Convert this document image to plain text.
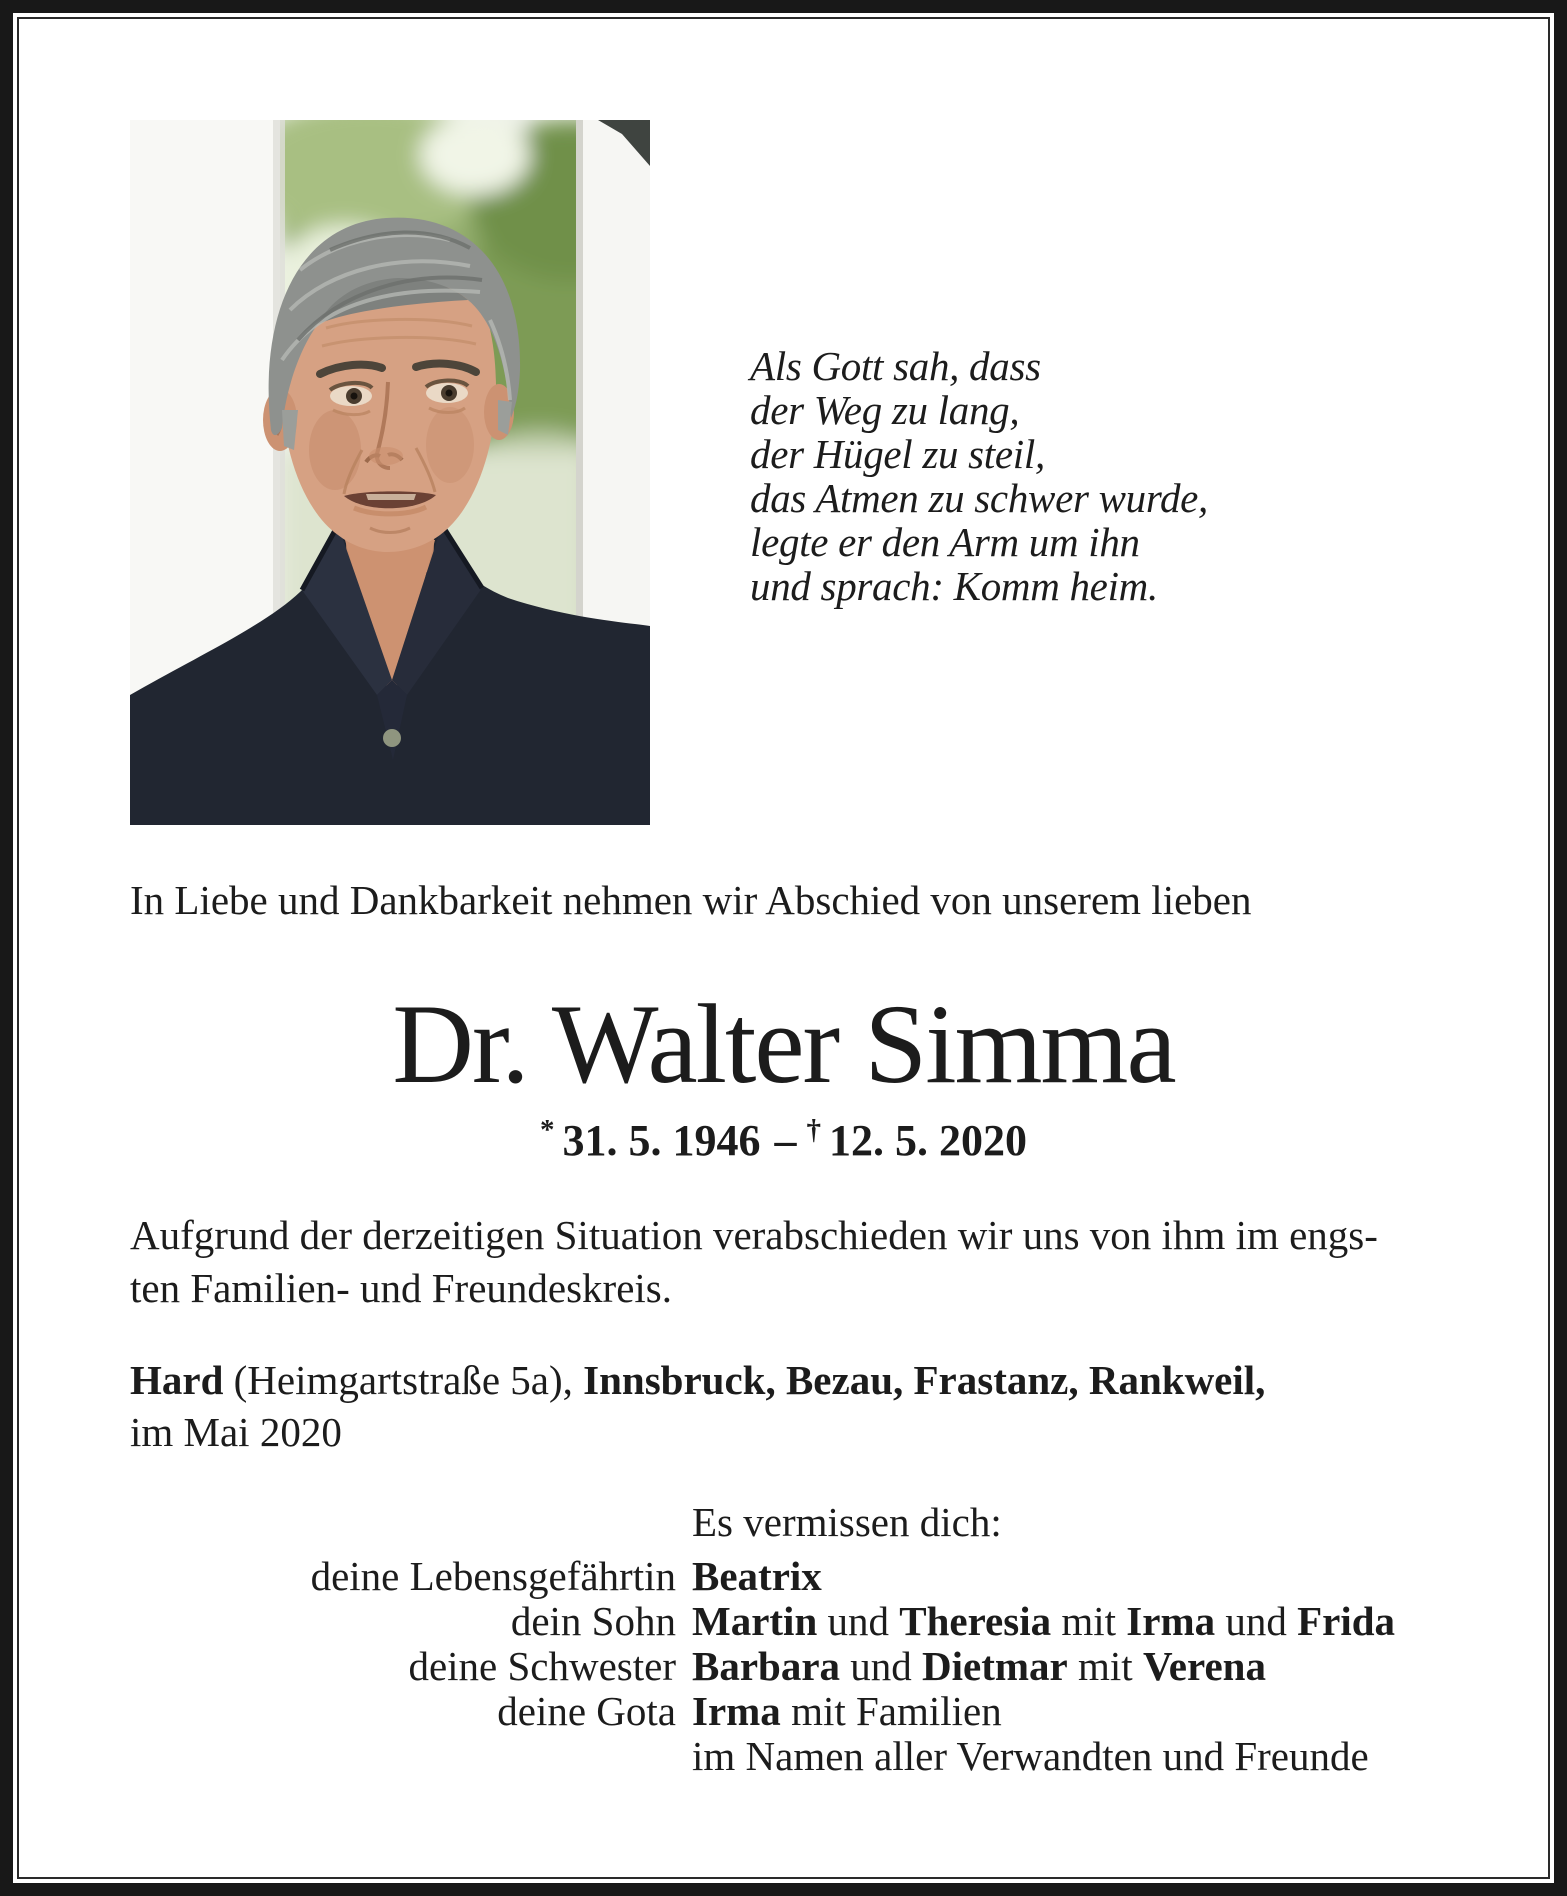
Als Gott sah, dass
der Weg zu lang,
der Hügel zu steil,
das Atmen zu schwer wurde,
legte er den Arm um ihn
und sprach: Komm heim.
In Liebe und Dankbarkeit nehmen wir Abschied von unserem lieben
Dr. Walter Simma
* 31. 5. 1946 – † 12. 5. 2020
Aufgrund der derzeitigen Situation verabschieden wir uns von ihm im engs-
ten Familien- und Freundeskreis.
Hard (Heimgartstraße 5a), Innsbruck, Bezau, Frastanz, Rankweil,
im Mai 2020
Es vermissen dich:
deine Lebensgefährtin Beatrix
dein Sohn Martin und Theresia mit Irma und Frida
deine Schwester Barbara und Dietmar mit Verena
deine Gota Irma mit Familien
im Namen aller Verwandten und Freunde
